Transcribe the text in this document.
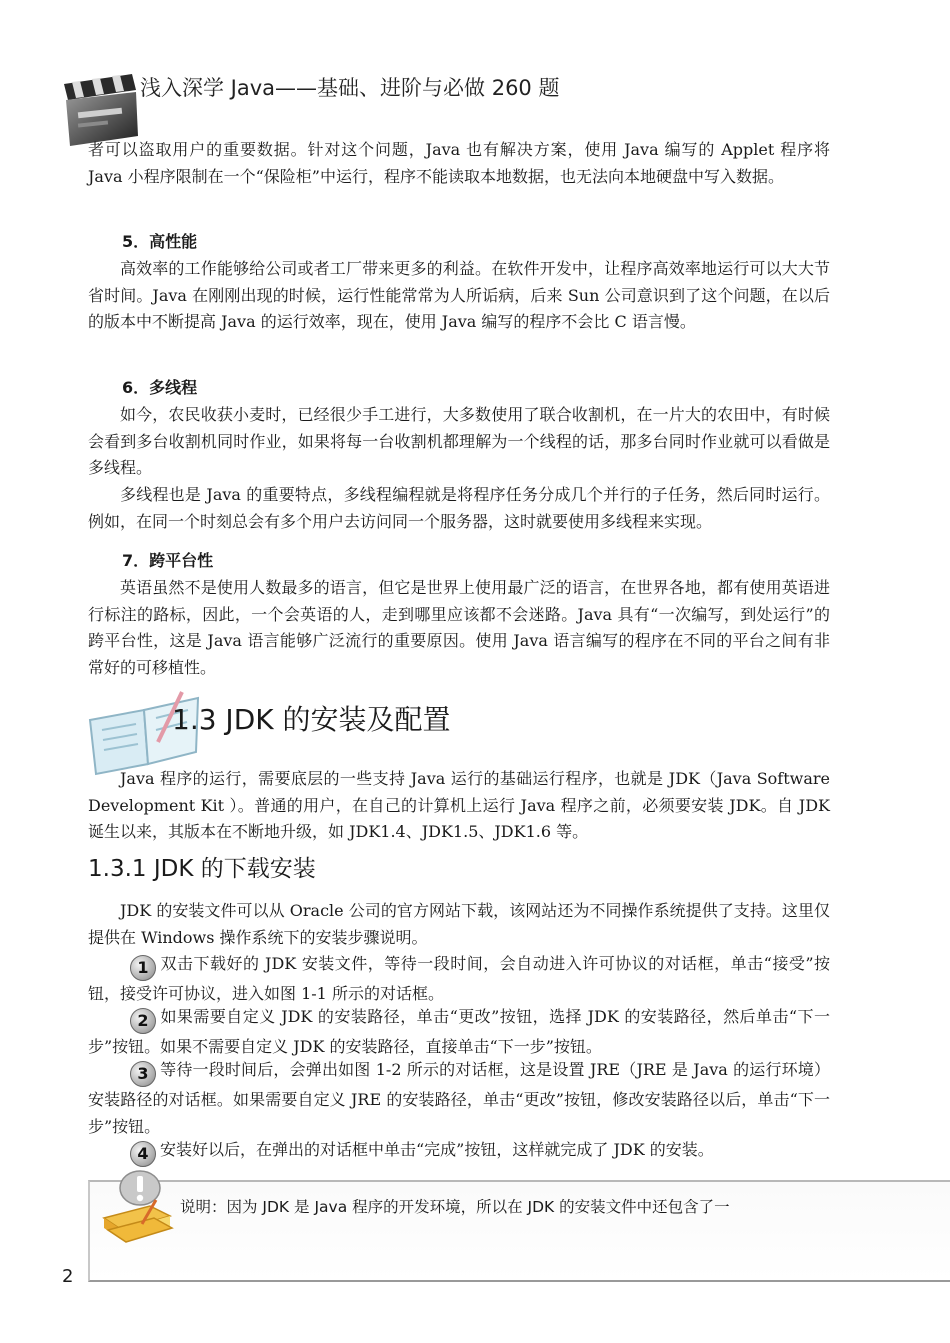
浅入深学 Java——基础、进阶与必做 260 题

者可以盗取用户的重要数据。针对这个问题，Java 也有解决方案，使用 Java 编写的 Applet 程序将 Java 小程序限制在一个“保险柜”中运行，程序不能读取本地数据，也无法向本地硬盘中写入数据。

5．高性能

高效率的工作能够给公司或者工厂带来更多的利益。在软件开发中，让程序高效率地运行可以大大节省时间。Java 在刚刚出现的时候，运行性能常常为人所诟病，后来 Sun 公司意识到了这个问题，在以后的版本中不断提高 Java 的运行效率，现在，使用 Java 编写的程序不会比 C 语言慢。

6．多线程

如今，农民收获小麦时，已经很少手工进行，大多数使用了联合收割机，在一片大的农田中，有时候会看到多台收割机同时作业，如果将每一台收割机都理解为一个线程的话，那多台同时作业就可以看做是多线程。

多线程也是 Java 的重要特点，多线程编程就是将程序任务分成几个并行的子任务，然后同时运行。例如，在同一个时刻总会有多个用户去访问同一个服务器，这时就要使用多线程来实现。

7．跨平台性

英语虽然不是使用人数最多的语言，但它是世界上使用最广泛的语言，在世界各地，都有使用英语进行标注的路标，因此，一个会英语的人，走到哪里应该都不会迷路。Java 具有“一次编写，到处运行”的跨平台性，这是 Java 语言能够广泛流行的重要原因。使用 Java 语言编写的程序在不同的平台之间有非常好的可移植性。

1.3 JDK 的安装及配置

Java 程序的运行，需要底层的一些支持 Java 运行的基础运行程序，也就是 JDK（Java Software Development Kit ）。普通的用户，在自己的计算机上运行 Java 程序之前，必须要安装 JDK。自 JDK 诞生以来，其版本在不断地升级，如 JDK1.4、JDK1.5、JDK1.6 等。

1.3.1 JDK 的下载安装

JDK 的安装文件可以从 Oracle 公司的官方网站下载，该网站还为不同操作系统提供了支持。这里仅提供在 Windows 操作系统下的安装步骤说明。

1 双击下载好的 JDK 安装文件，等待一段时间，会自动进入许可协议的对话框，单击“接受”按钮，接受许可协议，进入如图 1-1 所示的对话框。

2 如果需要自定义 JDK 的安装路径，单击“更改”按钮，选择 JDK 的安装路径，然后单击“下一步”按钮。如果不需要自定义 JDK 的安装路径，直接单击“下一步”按钮。

3 等待一段时间后，会弹出如图 1-2 所示的对话框，这是设置 JRE（JRE 是 Java 的运行环境）安装路径的对话框。如果需要自定义 JRE 的安装路径，单击“更改”按钮，修改安装路径以后，单击“下一步”按钮。

4 安装好以后，在弹出的对话框中单击“完成”按钮，这样就完成了 JDK 的安装。

说明：因为 JDK 是 Java 程序的开发环境，所以在 JDK 的安装文件中还包含了一
2
